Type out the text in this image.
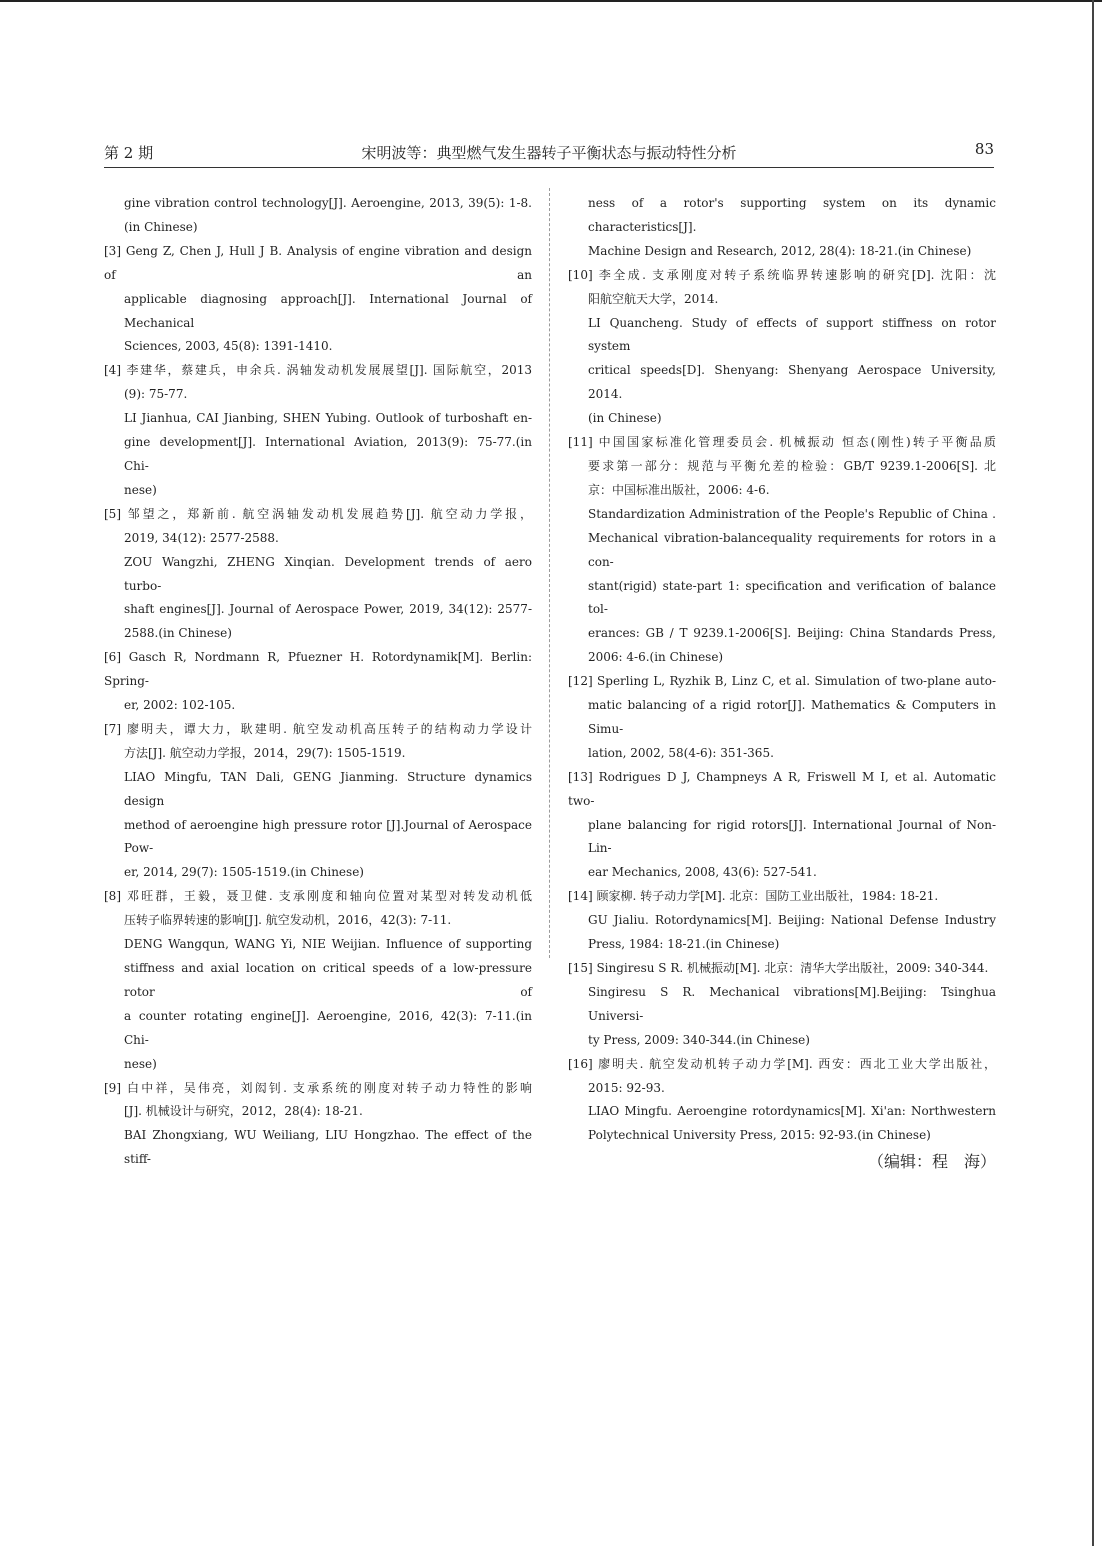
第 2 期	宋明波等：典型燃气发生器转子平衡状态与振动特性分析	83
gine vibration control technology[J]. Aeroengine, 2013, 39(5): 1-8.
(in Chinese)
[3] Geng Z, Chen J, Hull J B. Analysis of engine vibration and design of an
applicable diagnosing approach[J]. International Journal of Mechanical
Sciences, 2003, 45(8): 1391-1410.
[4] 李建华，蔡建兵，申余兵. 涡轴发动机发展展望[J]. 国际航空，2013
(9): 75-77.
LI Jianhua, CAI Jianbing, SHEN Yubing. Outlook of turboshaft en-
gine development[J]. International Aviation, 2013(9): 75-77.(in Chi-
nese)
[5] 邹望之，郑新前. 航空涡轴发动机发展趋势[J]. 航空动力学报，
2019, 34(12): 2577-2588.
ZOU Wangzhi, ZHENG Xinqian. Development trends of aero turbo-
shaft engines[J]. Journal of Aerospace Power, 2019, 34(12): 2577-
2588.(in Chinese)
[6] Gasch R, Nordmann R, Pfuezner H. Rotordynamik[M]. Berlin: Spring-
er, 2002: 102-105.
[7] 廖明夫，谭大力，耿建明. 航空发动机高压转子的结构动力学设计
方法[J]. 航空动力学报，2014，29(7): 1505-1519.
LIAO Mingfu, TAN Dali, GENG Jianming. Structure dynamics design
method of aeroengine high pressure rotor [J].Journal of Aerospace Pow-
er, 2014, 29(7): 1505-1519.(in Chinese)
[8] 邓旺群，王毅，聂卫健. 支承刚度和轴向位置对某型对转发动机低
压转子临界转速的影响[J]. 航空发动机，2016，42(3): 7-11.
DENG Wangqun, WANG Yi, NIE Weijian. Influence of supporting
stiffness and axial location on critical speeds of a low-pressure rotor of
a counter rotating engine[J]. Aeroengine, 2016, 42(3): 7-11.(in Chi-
nese)
[9] 白中祥，吴伟亮，刘闳钊. 支承系统的刚度对转子动力特性的影响
[J]. 机械设计与研究，2012，28(4): 18-21.
BAI Zhongxiang, WU Weiliang, LIU Hongzhao. The effect of the stiff-
ness of a rotor's supporting system on its dynamic characteristics[J].
Machine Design and Research, 2012, 28(4): 18-21.(in Chinese)
[10] 李全成. 支承刚度对转子系统临界转速影响的研究[D]. 沈阳：沈
阳航空航天大学，2014.
LI Quancheng. Study of effects of support stiffness on rotor system
critical speeds[D]. Shenyang: Shenyang Aerospace University, 2014.
(in Chinese)
[11] 中国国家标准化管理委员会. 机械振动 恒态(刚性)转子平衡品质
要求第一部分：规范与平衡允差的检验：GB/T 9239.1-2006[S]. 北
京：中国标准出版社，2006: 4-6.
Standardization Administration of the People's Republic of China .
Mechanical vibration-balancequality requirements for rotors in a con-
stant(rigid) state-part 1: specification and verification of balance tol-
erances: GB / T 9239.1-2006[S]. Beijing: China Standards Press,
2006: 4-6.(in Chinese)
[12] Sperling L, Ryzhik B, Linz C, et al. Simulation of two-plane auto-
matic balancing of a rigid rotor[J]. Mathematics & Computers in Simu-
lation, 2002, 58(4-6): 351-365.
[13] Rodrigues D J, Champneys A R, Friswell M I, et al. Automatic two-
plane balancing for rigid rotors[J]. International Journal of Non-Lin-
ear Mechanics, 2008, 43(6): 527-541.
[14] 顾家柳. 转子动力学[M]. 北京：国防工业出版社，1984: 18-21.
GU Jialiu. Rotordynamics[M]. Beijing: National Defense Industry
Press, 1984: 18-21.(in Chinese)
[15] Singiresu S R. 机械振动[M]. 北京：清华大学出版社，2009: 340-344.
Singiresu S R. Mechanical vibrations[M].Beijing: Tsinghua Universi-
ty Press, 2009: 340-344.(in Chinese)
[16] 廖明夫. 航空发动机转子动力学[M]. 西安：西北工业大学出版社，
2015: 92-93.
LIAO Mingfu. Aeroengine rotordynamics[M]. Xi'an: Northwestern
Polytechnical University Press, 2015: 92-93.(in Chinese)
（编辑：程　海）
